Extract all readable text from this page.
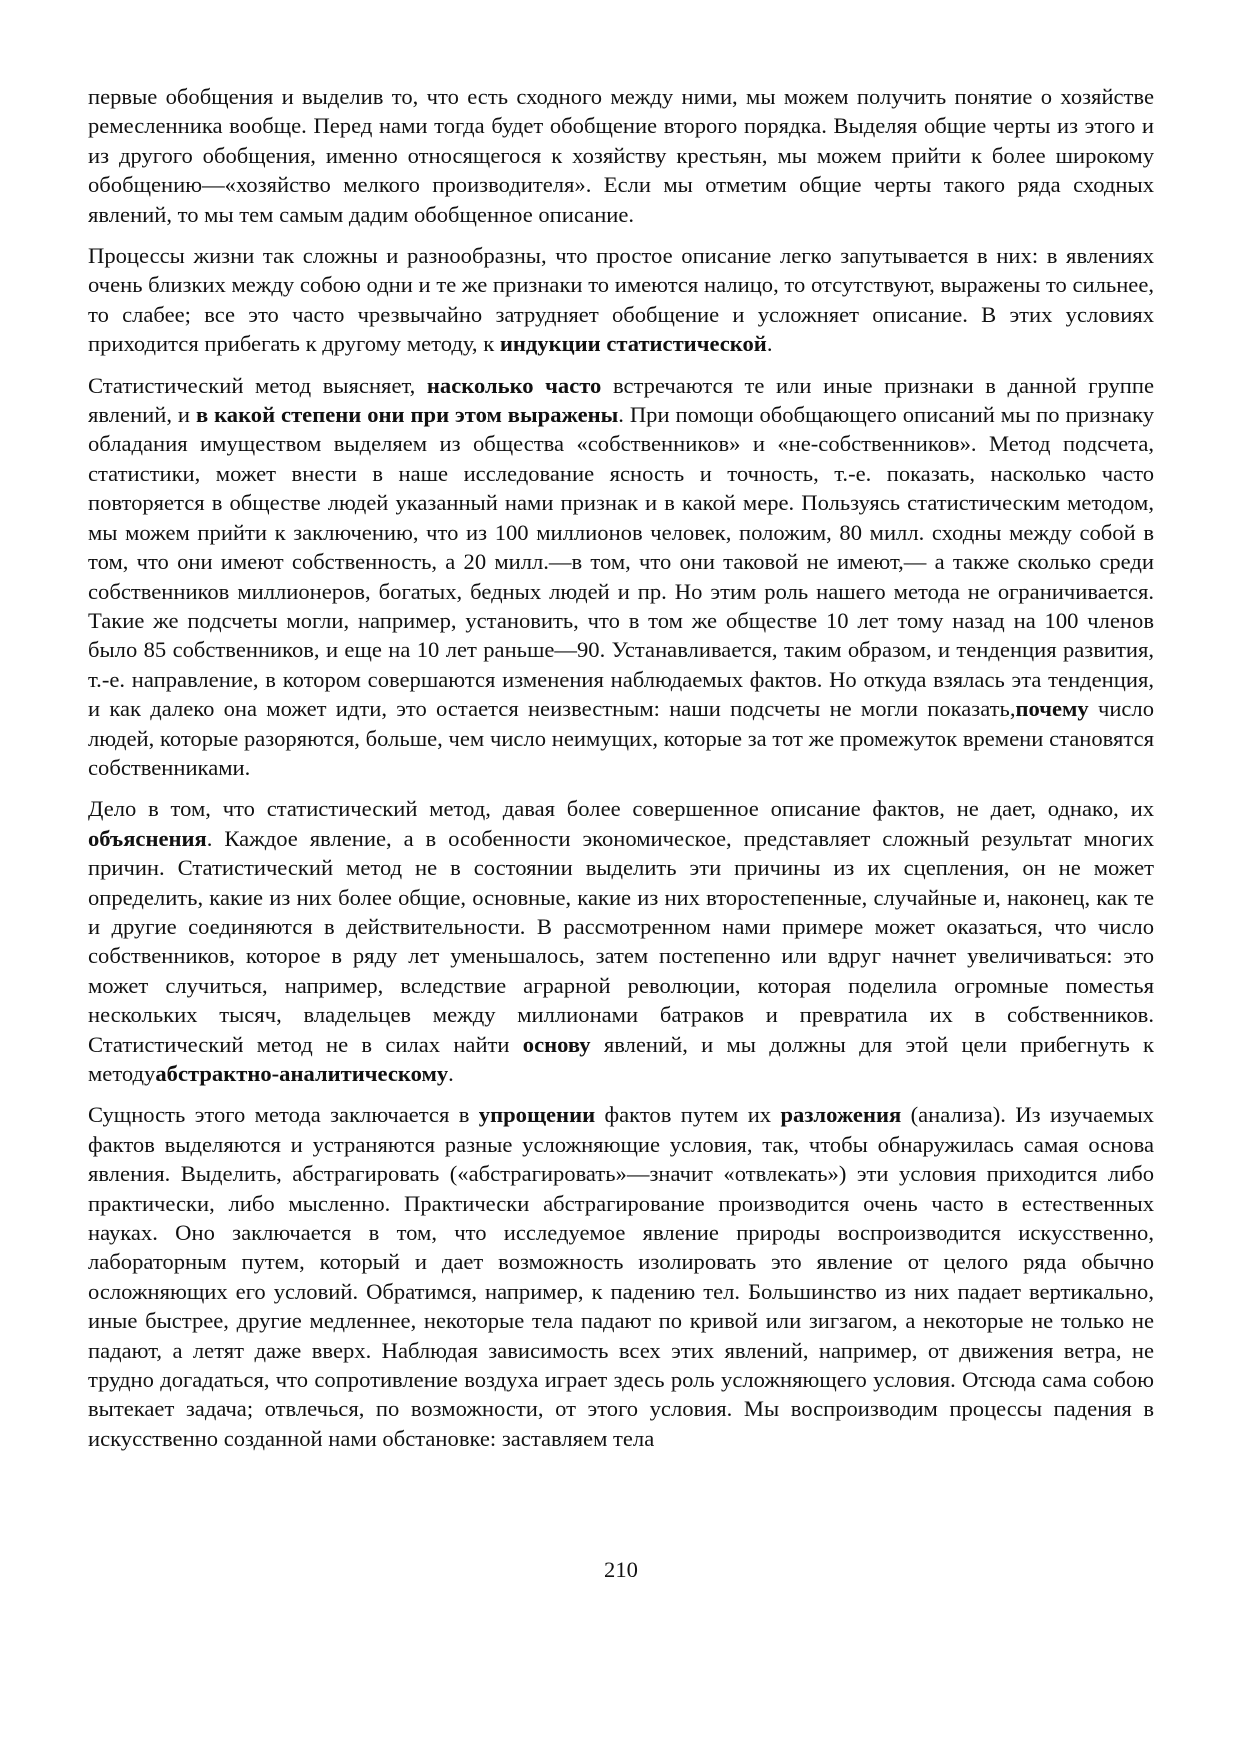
первые обобщения и выделив то, что есть сходного между ними, мы можем получить понятие о хозяйстве ремесленника вообще. Перед нами тогда будет обобщение второго порядка. Выделяя общие черты из этого и из другого обобщения, именно относящегося к хозяйству крестьян, мы можем прийти к более широкому обобщению—«хозяйство мелкого производителя». Если мы отметим общие черты такого ряда сходных явлений, то мы тем самым дадим обобщенное описание.

Процессы жизни так сложны и разнообразны, что простое описание легко запутывается в них: в явлениях очень близких между собою одни и те же признаки то имеются налицо, то отсутствуют, выражены то сильнее, то слабее; все это часто чрезвычайно затрудняет обобщение и усложняет описание. В этих условиях приходится прибегать к другому методу, к индукции статистической.

Статистический метод выясняет, насколько часто встречаются те или иные признаки в данной группе явлений, и в какой степени они при этом выражены. При помощи обобщающего описаний мы по признаку обладания имуществом выделяем из общества «собственников» и «не-собственников». Метод подсчета, статистики, может внести в наше исследование ясность и точность, т.-е. показать, насколько часто повторяется в обществе людей указанный нами признак и в какой мере. Пользуясь статистическим методом, мы можем прийти к заключению, что из 100 миллионов человек, положим, 80 милл. сходны между собой в том, что они имеют собственность, а 20 милл.—в том, что они таковой не имеют,— а также сколько среди собственников миллионеров, богатых, бедных людей и пр. Но этим роль нашего метода не ограничивается. Такие же подсчеты могли, например, установить, что в том же обществе 10 лет тому назад на 100 членов было 85 собственников, и еще на 10 лет раньше—90. Устанавливается, таким образом, и тенденция развития, т.-е. направление, в котором совершаются изменения наблюдаемых фактов. Но откуда взялась эта тенденция, и как далеко она может идти, это остается неизвестным: наши подсчеты не могли показать,почему число людей, которые разоряются, больше, чем число неимущих, которые за тот же промежуток времени становятся собственниками.

Дело в том, что статистический метод, давая более совершенное описание фактов, не дает, однако, их объяснения. Каждое явление, а в особенности экономическое, представляет сложный результат многих причин. Статистический метод не в состоянии выделить эти причины из их сцепления, он не может определить, какие из них более общие, основные, какие из них второстепенные, случайные и, наконец, как те и другие соединяются в действительности. В рассмотренном нами примере может оказаться, что число собственников, которое в ряду лет уменьшалось, затем постепенно или вдруг начнет увеличиваться: это может случиться, например, вследствие аграрной революции, которая поделила огромные поместья нескольких тысяч, владельцев между миллионами батраков и превратила их в собственников. Статистический метод не в силах найти основу явлений, и мы должны для этой цели прибегнуть к методуабстрактно-аналитическому.

Сущность этого метода заключается в упрощении фактов путем их разложения (анализа). Из изучаемых фактов выделяются и устраняются разные усложняющие условия, так, чтобы обнаружилась самая основа явления. Выделить, абстрагировать («абстрагировать»—значит «отвлекать») эти условия приходится либо практически, либо мысленно. Практически абстрагирование производится очень часто в естественных науках. Оно заключается в том, что исследуемое явление природы воспроизводится искусственно, лабораторным путем, который и дает возможность изолировать это явление от целого ряда обычно осложняющих его условий. Обратимся, например, к падению тел. Большинство из них падает вертикально, иные быстрее, другие медленнее, некоторые тела падают по кривой или зигзагом, а некоторые не только не падают, а летят даже вверх. Наблюдая зависимость всех этих явлений, например, от движения ветра, не трудно догадаться, что сопротивление воздуха играет здесь роль усложняющего условия. Отсюда сама собою вытекает задача; отвлечься, по возможности, от этого условия. Мы воспроизводим процессы падения в искусственно созданной нами обстановке: заставляем тела

210
